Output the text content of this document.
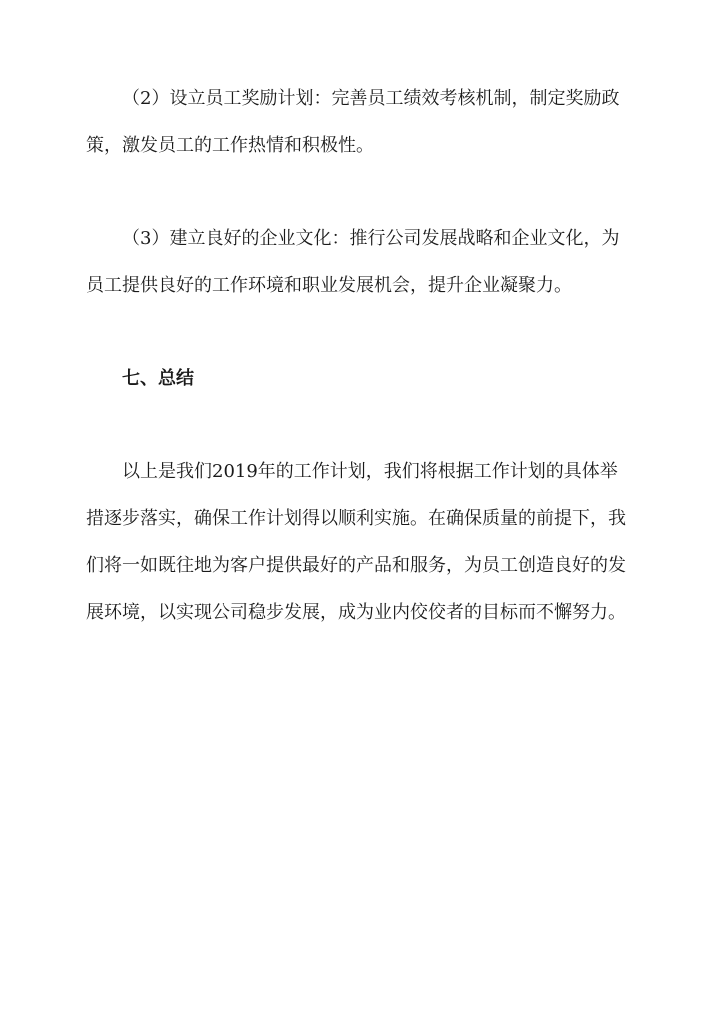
（2）设立员工奖励计划：完善员工绩效考核机制，制定奖励政策，激发员工的工作热情和积极性。

（3）建立良好的企业文化：推行公司发展战略和企业文化，为员工提供良好的工作环境和职业发展机会，提升企业凝聚力。

七、总结

以上是我们2019年的工作计划，我们将根据工作计划的具体举措逐步落实，确保工作计划得以顺利实施。在确保质量的前提下，我们将一如既往地为客户提供最好的产品和服务，为员工创造良好的发展环境，以实现公司稳步发展，成为业内佼佼者的目标而不懈努力。
